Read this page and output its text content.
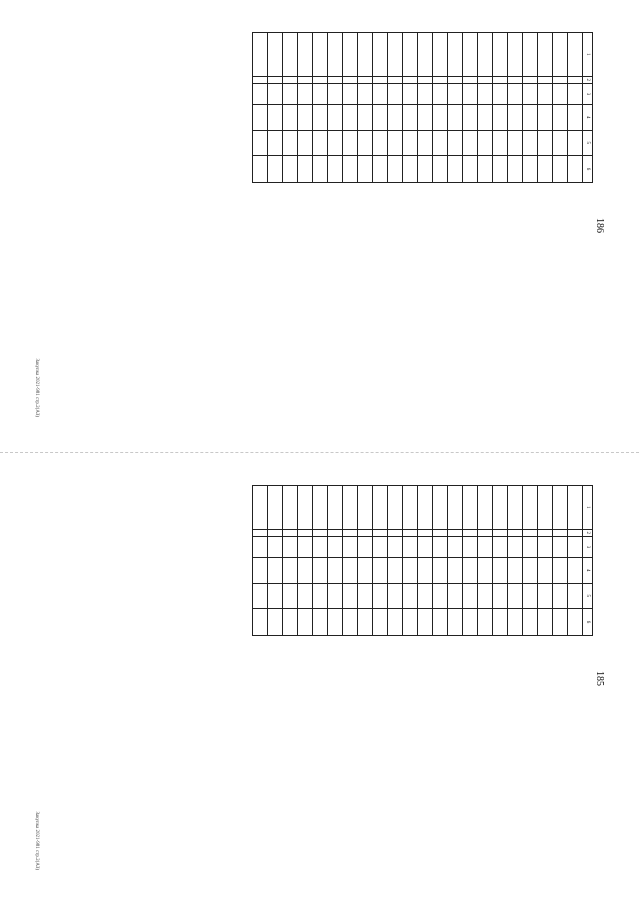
185
1	2	3	4	5	6

Закупка 2021-981 стр.2(АЗ)
186
1	2	3	4	5	6

Закупка 2021-981 стр.2(АЗ)
